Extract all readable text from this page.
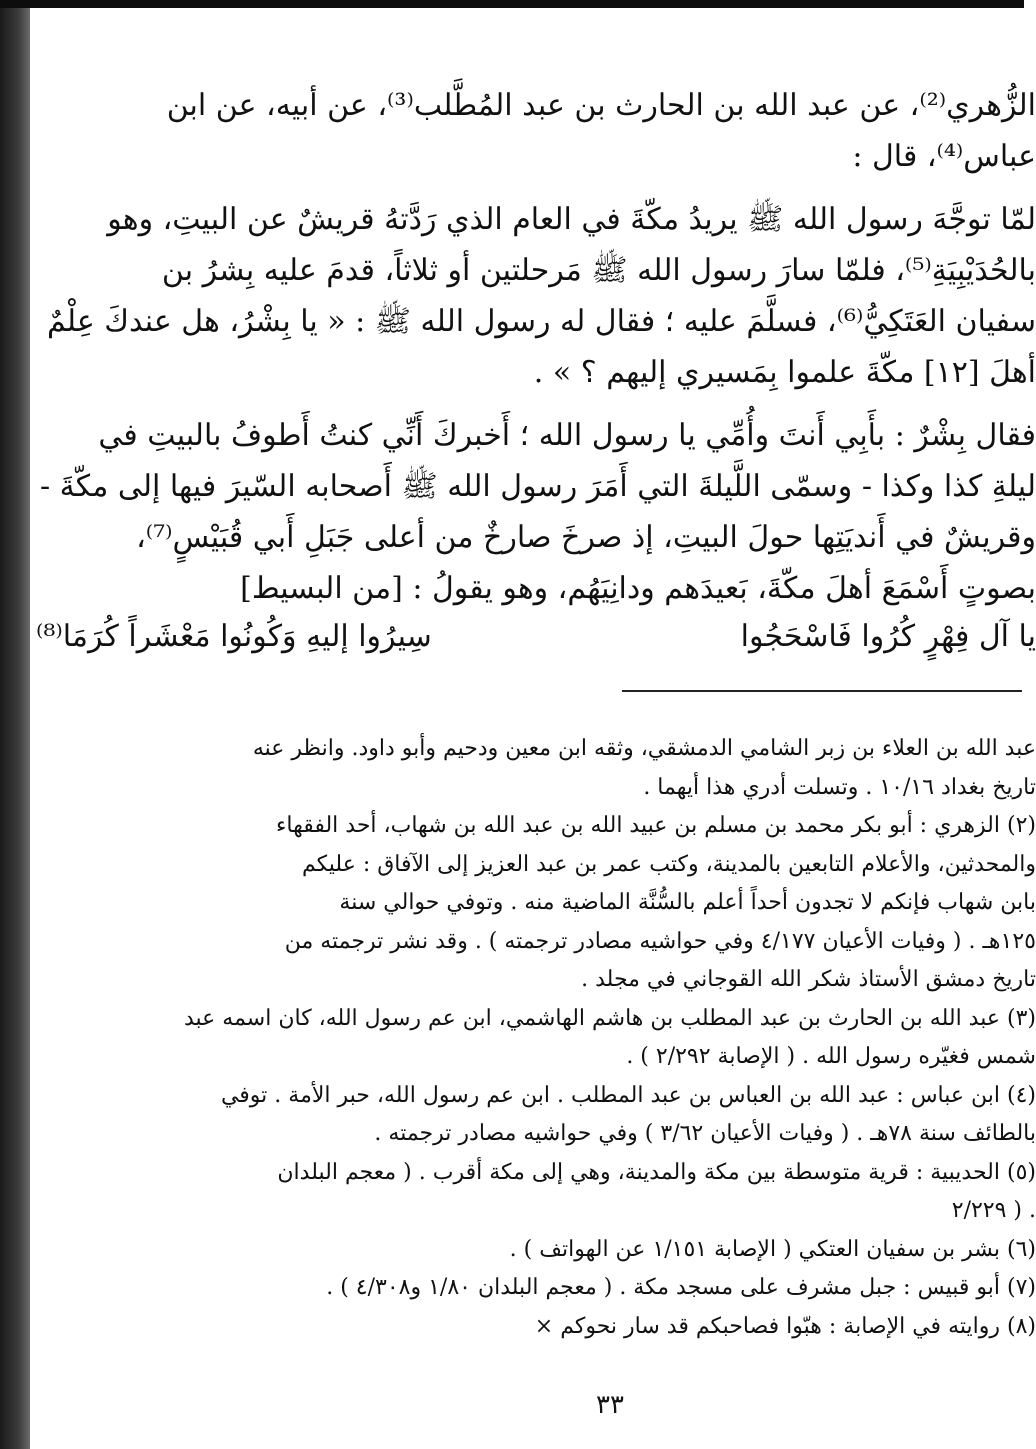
الزُّهري⁽²⁾، عن عبد الله بن الحارث بن عبد المُطَّلب⁽³⁾، عن أبيه، عن ابن
عباس⁽⁴⁾، قال :
لمّا توجَّهَ رسول الله ﷺ يريدُ مكّةَ في العام الذي رَدَّتهُ قريشٌ عن البيتِ، وهو
بالحُدَيْبِيَةِ⁽⁵⁾، فلمّا سارَ رسول الله ﷺ مَرحلتين أو ثلاثاً، قدمَ عليه بِشرُ بن
سفيان العَتَكِيُّ⁽⁶⁾، فسلَّمَ عليه ؛ فقال له رسول الله ﷺ : « يا بِشْرُ، هل عندكَ عِلْمٌ
أهلَ [١٢] مكّةَ علموا بِمَسيري إليهم ؟ » .
فقال بِشْرٌ : بأَبِي أَنتَ وأُمِّي يا رسول الله ؛ أَخبركَ أَنِّي كنتُ أَطوفُ بالبيتِ في
ليلةِ كذا وكذا - وسمّى اللَّيلةَ التي أَمَرَ رسول الله ﷺ أَصحابه السّيرَ فيها إلى مكّةَ -
وقريشٌ في أَنديَتِها حولَ البيتِ، إذ صرخَ صارخٌ من أعلى جَبَلِ أَبي قُبَيْسٍ⁽⁷⁾،
بصوتٍ أَسْمَعَ أهلَ مكّةَ، بَعيدَهم ودانِيَهُم، وهو يقولُ : [من البسيط]
يا آل فِهْرٍ كُرُوا فَاسْحَجُوا
سِيرُوا إليهِ وَكُونُوا مَعْشَراً كُرَمَا⁽⁸⁾
عبد الله بن العلاء بن زبر الشامي الدمشقي، وثقه ابن معين ودحيم وأبو داود. وانظر عنه
تاريخ بغداد ١٠/١٦ . وتسلت أدري هذا أيهما .
(٢) الزهري : أبو بكر محمد بن مسلم بن عبيد الله بن عبد الله بن شهاب، أحد الفقهاء
والمحدثين، والأعلام التابعين بالمدينة، وكتب عمر بن عبد العزيز إلى الآفاق : عليكم
بابن شهاب فإنكم لا تجدون أحداً أعلم بالسُّنَّة الماضية منه . وتوفي حوالي سنة
١٢٥هـ . ( وفيات الأعيان ٤/١٧٧ وفي حواشيه مصادر ترجمته ) . وقد نشر ترجمته من
تاريخ دمشق الأستاذ شكر الله القوجاني في مجلد .
(٣) عبد الله بن الحارث بن عبد المطلب بن هاشم الهاشمي، ابن عم رسول الله، كان اسمه عبد
شمس فغيّره رسول الله . ( الإصابة ٢/٢٩٢ ) .
(٤) ابن عباس : عبد الله بن العباس بن عبد المطلب . ابن عم رسول الله، حبر الأمة . توفي
بالطائف سنة ٧٨هـ . ( وفيات الأعيان ٣/٦٢ ) وفي حواشيه مصادر ترجمته .
(٥) الحديبية : قرية متوسطة بين مكة والمدينة، وهي إلى مكة أقرب . ( معجم البلدان
٢/٢٢٩ ) .
(٦) بشر بن سفيان العتكي ( الإصابة ١/١٥١ عن الهواتف ) .
(٧) أبو قبيس : جبل مشرف على مسجد مكة . ( معجم البلدان ١/٨٠ و٤/٣٠٨ ) .
(٨) روايته في الإصابة : هبّوا فصاحبكم قد سار نحوكم ×
٣٣
